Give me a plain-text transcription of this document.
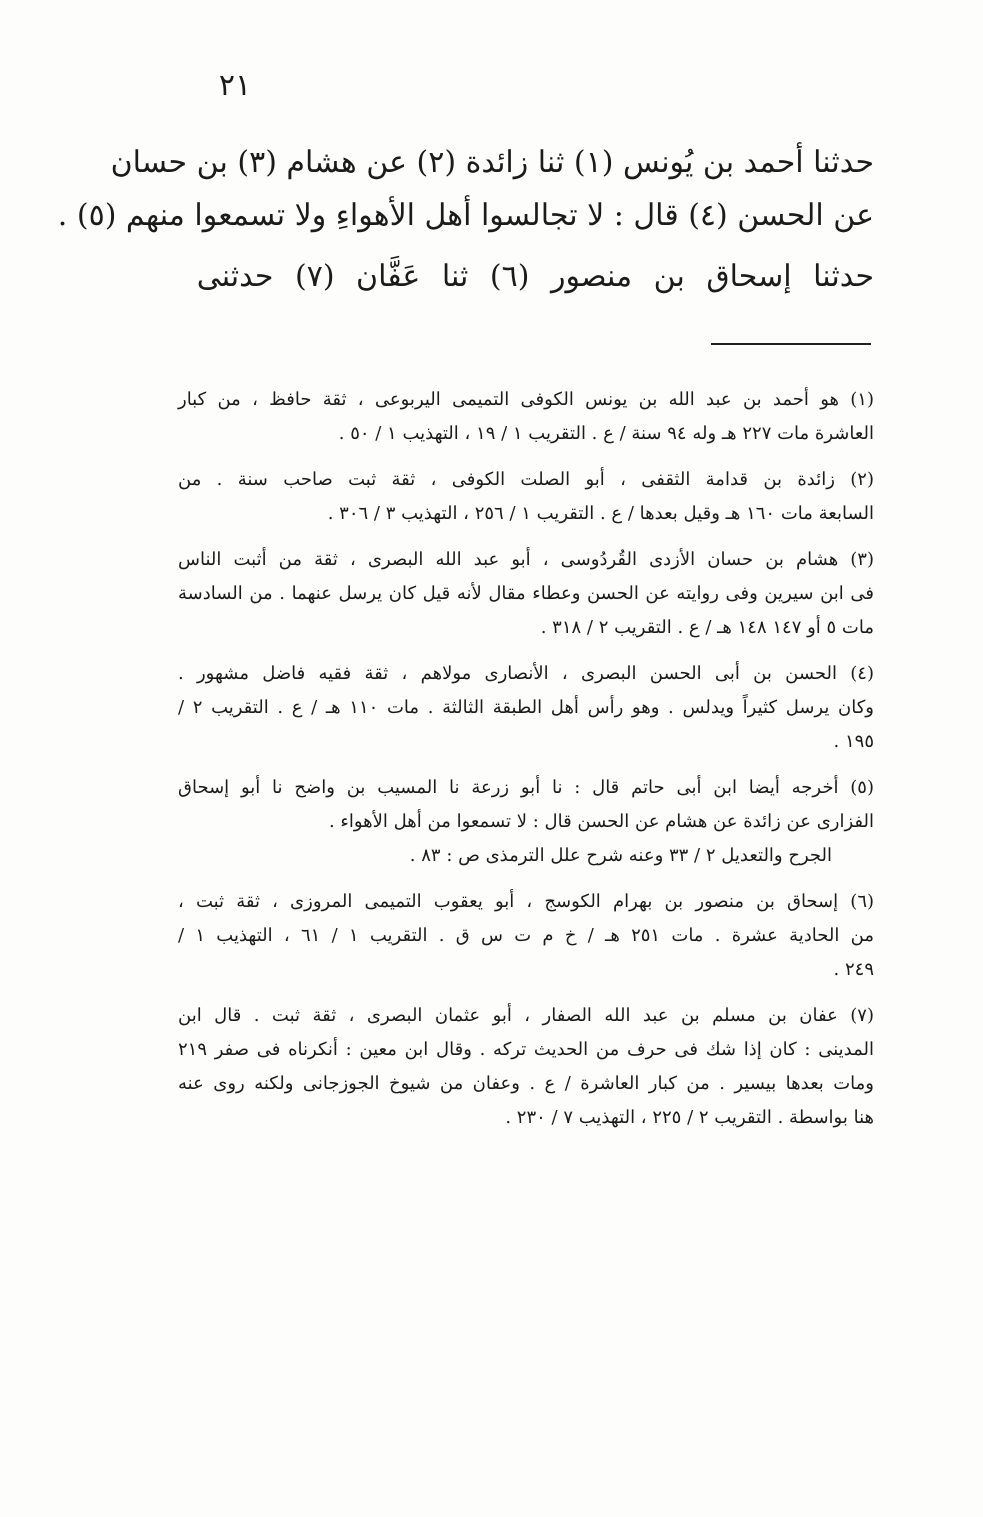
٢١
حدثنا أحمد بن يُونس (١) ثنا زائدة (٢) عن هشام (٣) بن حسان
عن الحسن (٤) قال : لا تجالسوا أهل الأهواءِ ولا تسمعوا منهم (٥) .
حدثنا إسحاق بن منصور (٦) ثنا عَفَّان (٧) حدثنى
(١) هو أحمد بن عبد الله بن يونس الكوفى التميمى اليربوعى ، ثقة حافظ ، من كبار
العاشرة مات ٢٢٧ هـ وله ٩٤ سنة / ع . التقريب ١ / ١٩ ، التهذيب ١ / ٥٠ .
(٢) زائدة بن قدامة الثقفى ، أبو الصلت الكوفى ، ثقة ثبت صاحب سنة . من
السابعة مات ١٦٠ هـ وقيل بعدها / ع . التقريب ١ / ٢٥٦ ، التهذيب ٣ / ٣٠٦ .
(٣) هشام بن حسان الأزدى القُردُوسى ، أبو عبد الله البصرى ، ثقة من أثبت الناس
فى ابن سيرين وفى روايته عن الحسن وعطاء مقال لأنه قيل كان يرسل عنهما . من السادسة
مات ٥ أو ١٤٧ ١٤٨ هـ / ع . التقريب ٢ / ٣١٨ .
(٤) الحسن بن أبى الحسن البصرى ، الأنصارى مولاهم ، ثقة فقيه فاضل مشهور .
وكان يرسل كثيراً ويدلس . وهو رأس أهل الطبقة الثالثة . مات ١١٠ هـ / ع . التقريب ٢ /
١٩٥ .
(٥) أخرجه أيضا ابن أبى حاتم قال : نا أبو زرعة نا المسيب بن واضح نا أبو إسحاق
الفزارى عن زائدة عن هشام عن الحسن قال : لا تسمعوا من أهل الأهواء .
الجرح والتعديل ٢ / ٣٣ وعنه شرح علل الترمذى ص : ٨٣ .
(٦) إسحاق بن منصور بن بهرام الكوسج ، أبو يعقوب التميمى المروزى ، ثقة ثبت ،
من الحادية عشرة . مات ٢٥١ هـ / خ م ت س ق . التقريب ١ / ٦١ ، التهذيب ١ /
٢٤٩ .
(٧) عفان بن مسلم بن عبد الله الصفار ، أبو عثمان البصرى ، ثقة ثبت . قال ابن
المدينى : كان إذا شك فى حرف من الحديث تركه . وقال ابن معين : أنكرناه فى صفر ٢١٩
ومات بعدها بيسير . من كبار العاشرة / ع . وعفان من شيوخ الجوزجانى ولكنه روى عنه
هنا بواسطة . التقريب ٢ / ٢٢٥ ، التهذيب ٧ / ٢٣٠ .
